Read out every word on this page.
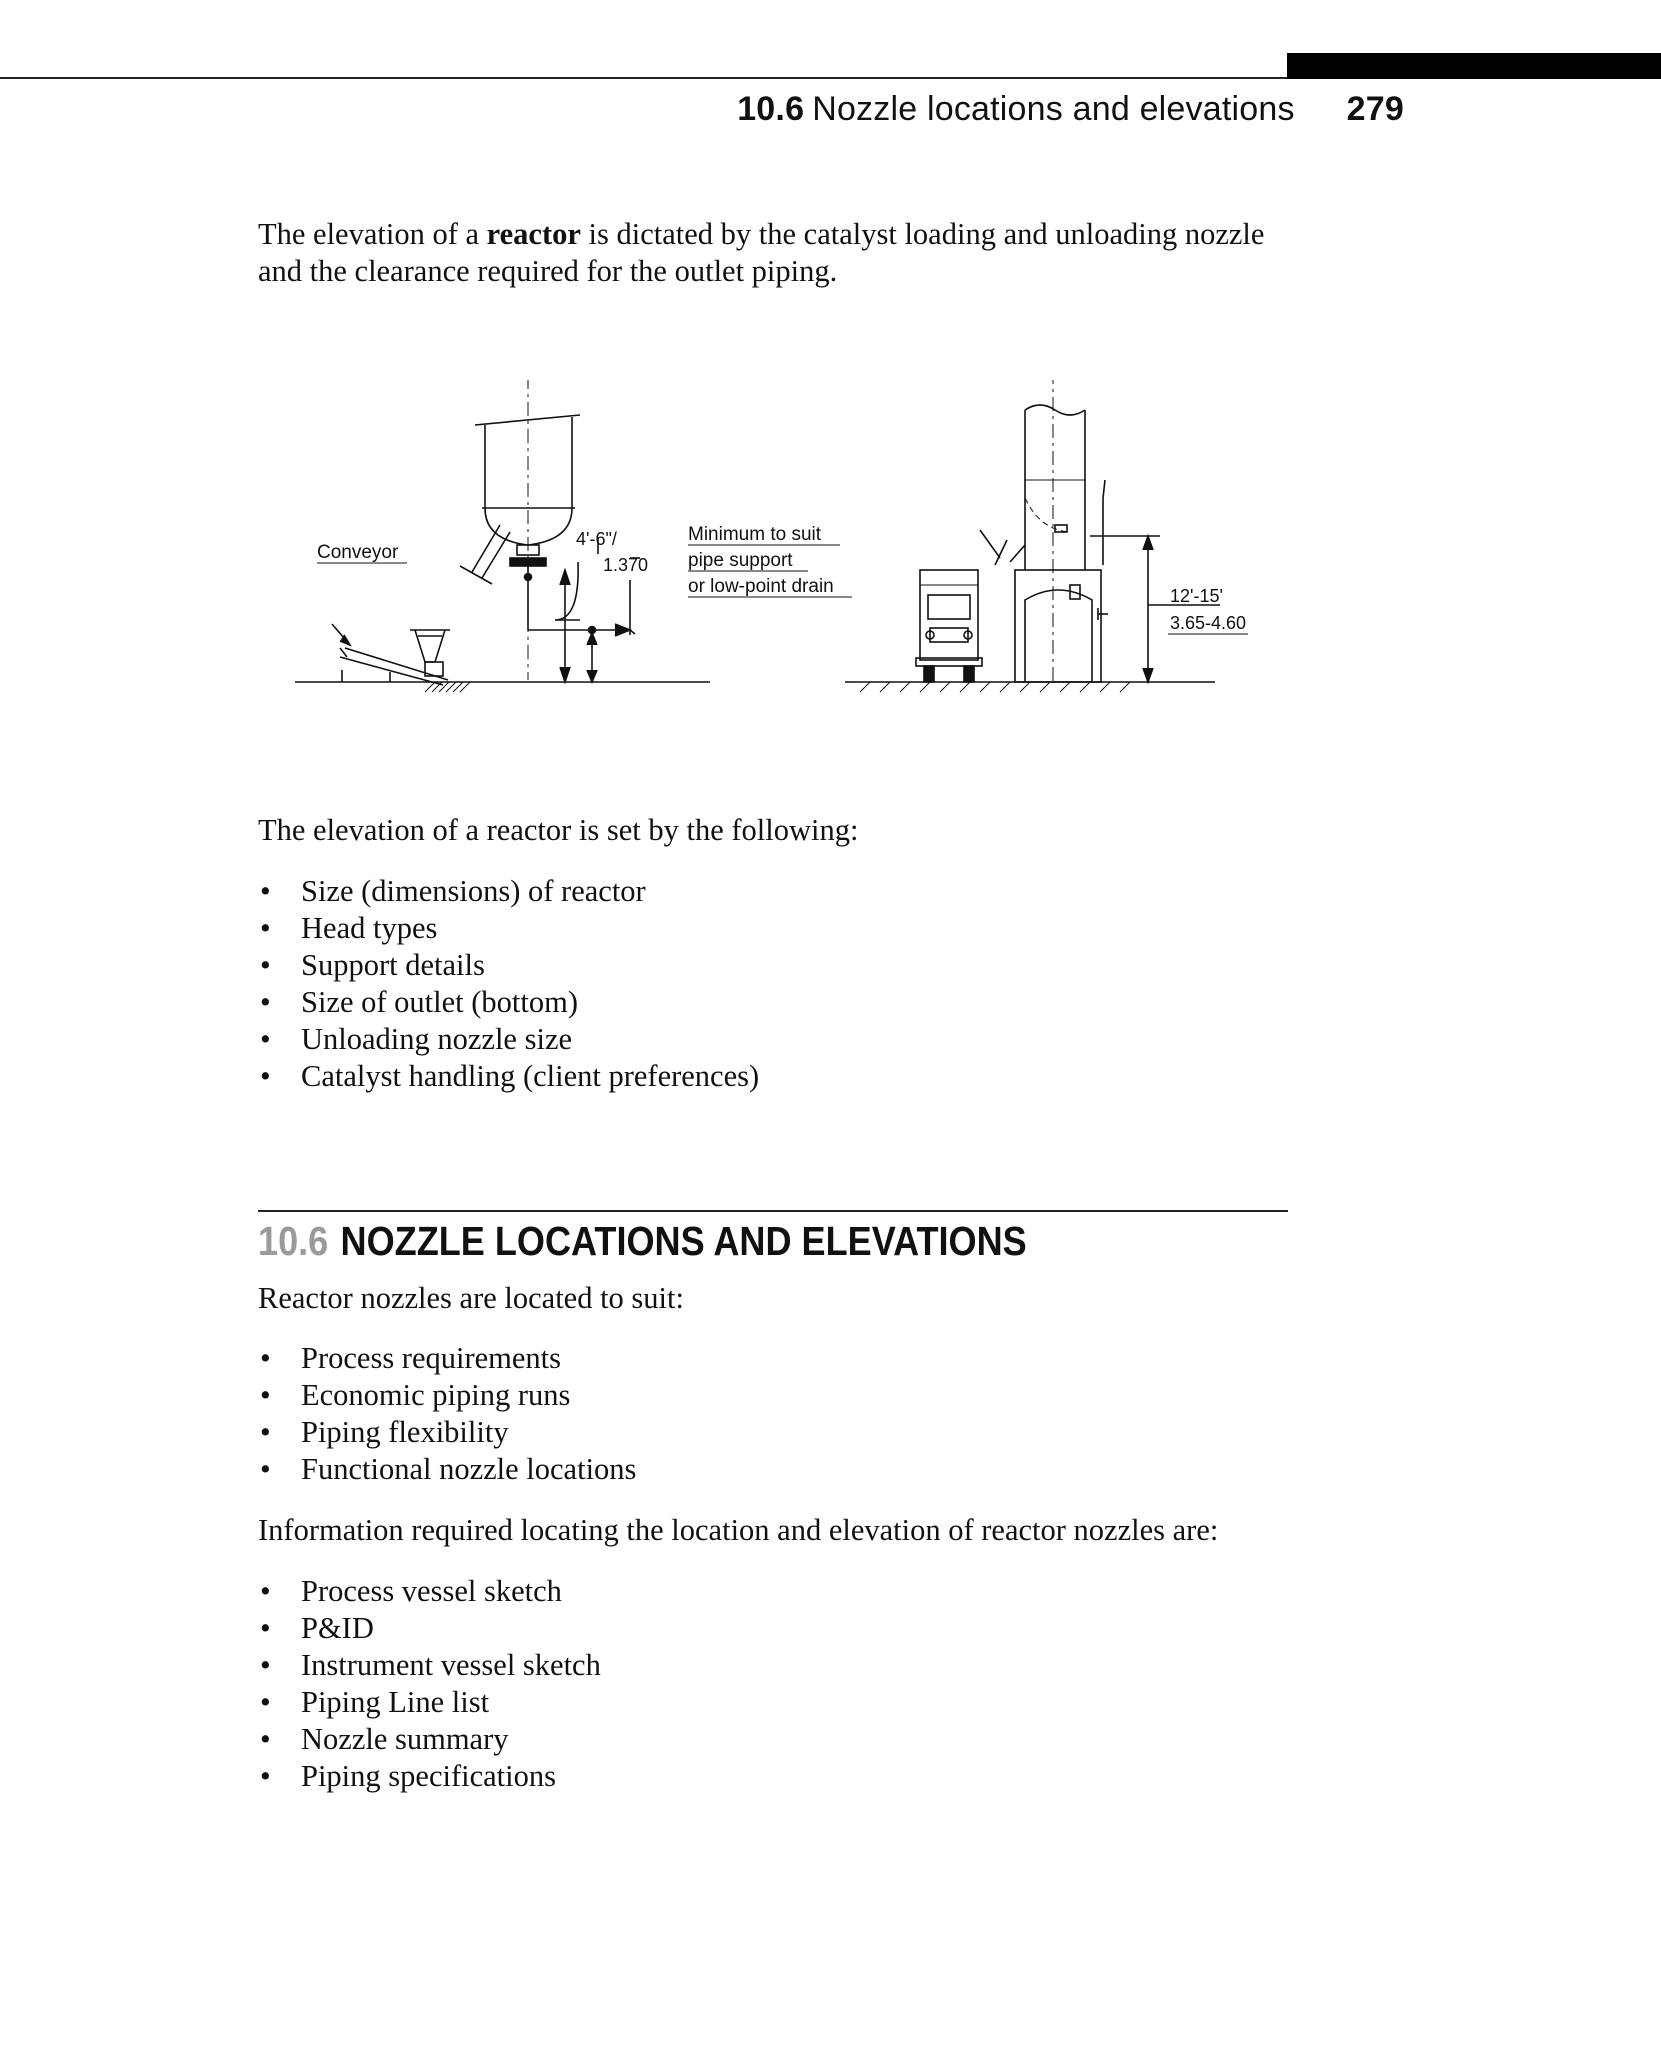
10.6 Nozzle locations and elevations 279

The elevation of a reactor is dictated by the catalyst loading and unloading nozzle and the clearance required for the outlet piping.

Conveyor
4'-6"/
1.370
Minimum to suit
pipe support
or low-point drain	12'-15'
3.65-4.60

The elevation of a reactor is set by the following:

• Size (dimensions) of reactor
• Head types
• Support details
• Size of outlet (bottom)
• Unloading nozzle size
• Catalyst handling (client preferences)
10.6 NOZZLE LOCATIONS AND ELEVATIONS

Reactor nozzles are located to suit:

• Process requirements
• Economic piping runs
• Piping flexibility
• Functional nozzle locations

Information required locating the location and elevation of reactor nozzles are:

• Process vessel sketch
• P&ID
• Instrument vessel sketch
• Piping Line list
• Nozzle summary
• Piping specifications
